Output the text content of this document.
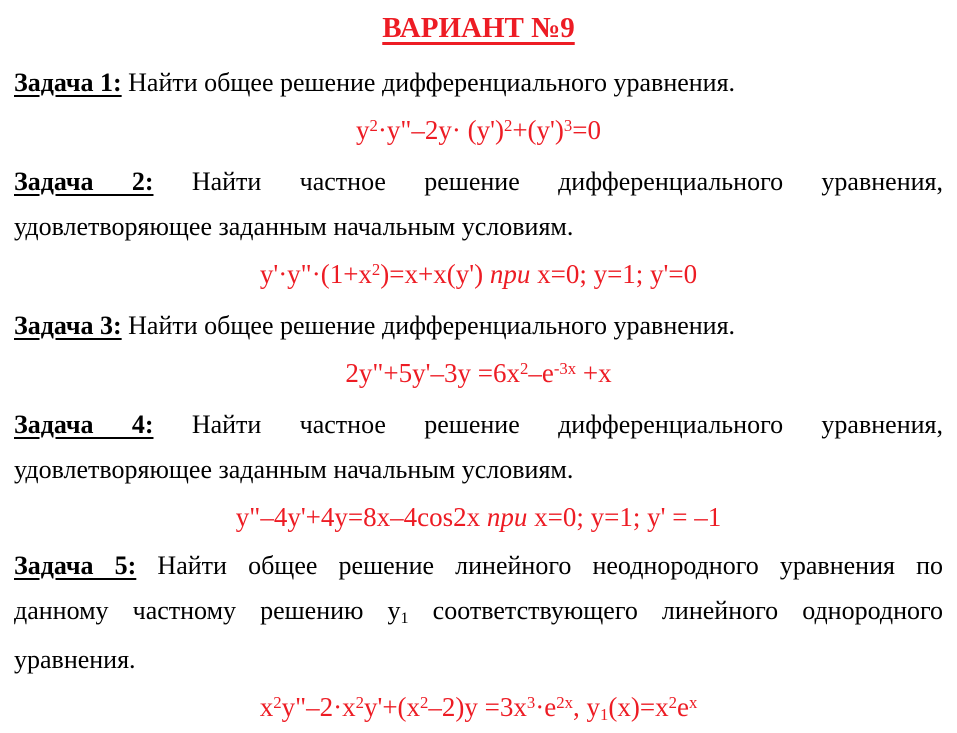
ВАРИАНТ №9
Задача 1: Найти общее решение дифференциального уравнения.
$y^2\cdot y"-2y\cdot (y')^2+(y')^3=0$
Задача 2: Найти частное решение дифференциального уравнения,
удовлетворяющее заданным начальным условиям.
$y'\cdot y"\cdot(1+x^2)=x+x(y')$ при x=0; y=1; y'=0
Задача 3: Найти общее решение дифференциального уравнения.
2y"+5y'–3y $=6x^2-e^{-3x} +x$
Задача 4: Найти частное решение дифференциального уравнения,
удовлетворяющее заданным начальным условиям.
y"–4y'+4y=8x–4cos2x при x=0; y=1; y' = –1
Задача 5: Найти общее решение линейного неоднородного уравнения по
данному частному решению y1 соответствующего линейного однородного
уравнения.
$x^2y"-2\cdot x^2y'+(x^2-2)y =3x^3\cdot e^{2x}$, $y1(x)=x^2e^x$
